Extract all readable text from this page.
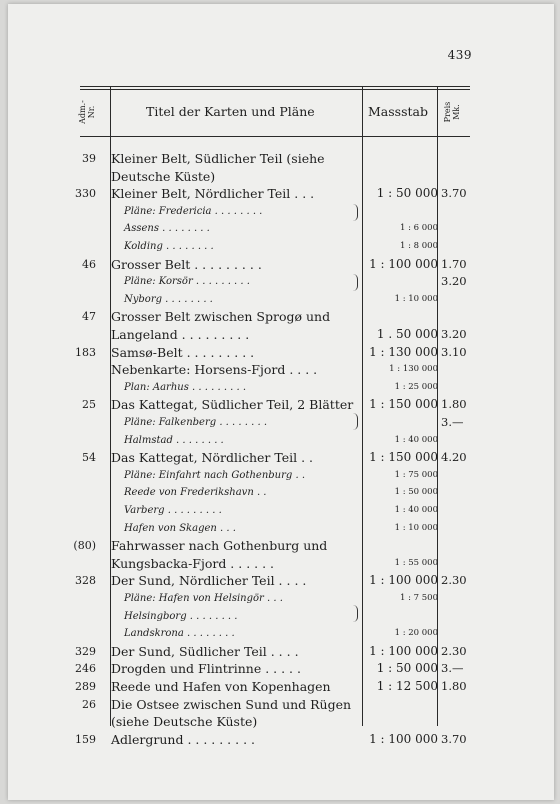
439
Adm.- Nr.	Titel der Karten und Pläne	Massstab Preis Mk.
39 Kleiner Belt, Südlicher Teil (siehe
Deutsche Küste)
330 Kleiner Belt, Nördlicher Teil . . .	1 : 50 000 3.70
Pläne: Fredericia . . . . . . . .
Assens . . . . . . . .	1 : 6 000
Kolding . . . . . . . .	1 : 8 000
46 Grosser Belt . . . . . . . . .	1 : 100 000 1.70
Pläne: Korsör . . . . . . . . .	3.20
Nyborg . . . . . . . .	1 : 10 000
47 Grosser Belt zwischen Sprogø und
Langeland . . . . . . . . .	1 . 50 000 3.20
183 Samsø-Belt . . . . . . . . .	1 : 130 000 3.10
Nebenkarte: Horsens-Fjord . . . .	1 : 130 000
Plan: Aarhus . . . . . . . . .	1 : 25 000
25 Das Kattegat, Südlicher Teil, 2 Blätter	1 : 150 000 1.80
Pläne: Falkenberg . . . . . . . .	3.—
Halmstad . . . . . . . .	1 : 40 000
54 Das Kattegat, Nördlicher Teil . .	1 : 150 000 4.20
Pläne: Einfahrt nach Gothenburg . .	1 : 75 000
Reede von Frederikshavn . .	1 : 50 000
Varberg . . . . . . . . .	1 : 40 000
Hafen von Skagen . . .	1 : 10 000
(80) Fahrwasser nach Gothenburg und
Kungsbacka-Fjord . . . . . .	1 : 55 000
328 Der Sund, Nördlicher Teil . . . .	1 : 100 000 2.30
Pläne: Hafen von Helsingör . . .	1 : 7 500
Helsingborg . . . . . . . .
Landskrona . . . . . . . .	1 : 20 000
329 Der Sund, Südlicher Teil . . . .	1 : 100 000 2.30
246 Drogden und Flintrinne . . . . .	1 : 50 000 3.—
289 Reede und Hafen von Kopenhagen	1 : 12 500 1.80
26 Die Ostsee zwischen Sund und Rügen
(siehe Deutsche Küste)
159 Adlergrund . . . . . . . . .	1 : 100 000 3.70
